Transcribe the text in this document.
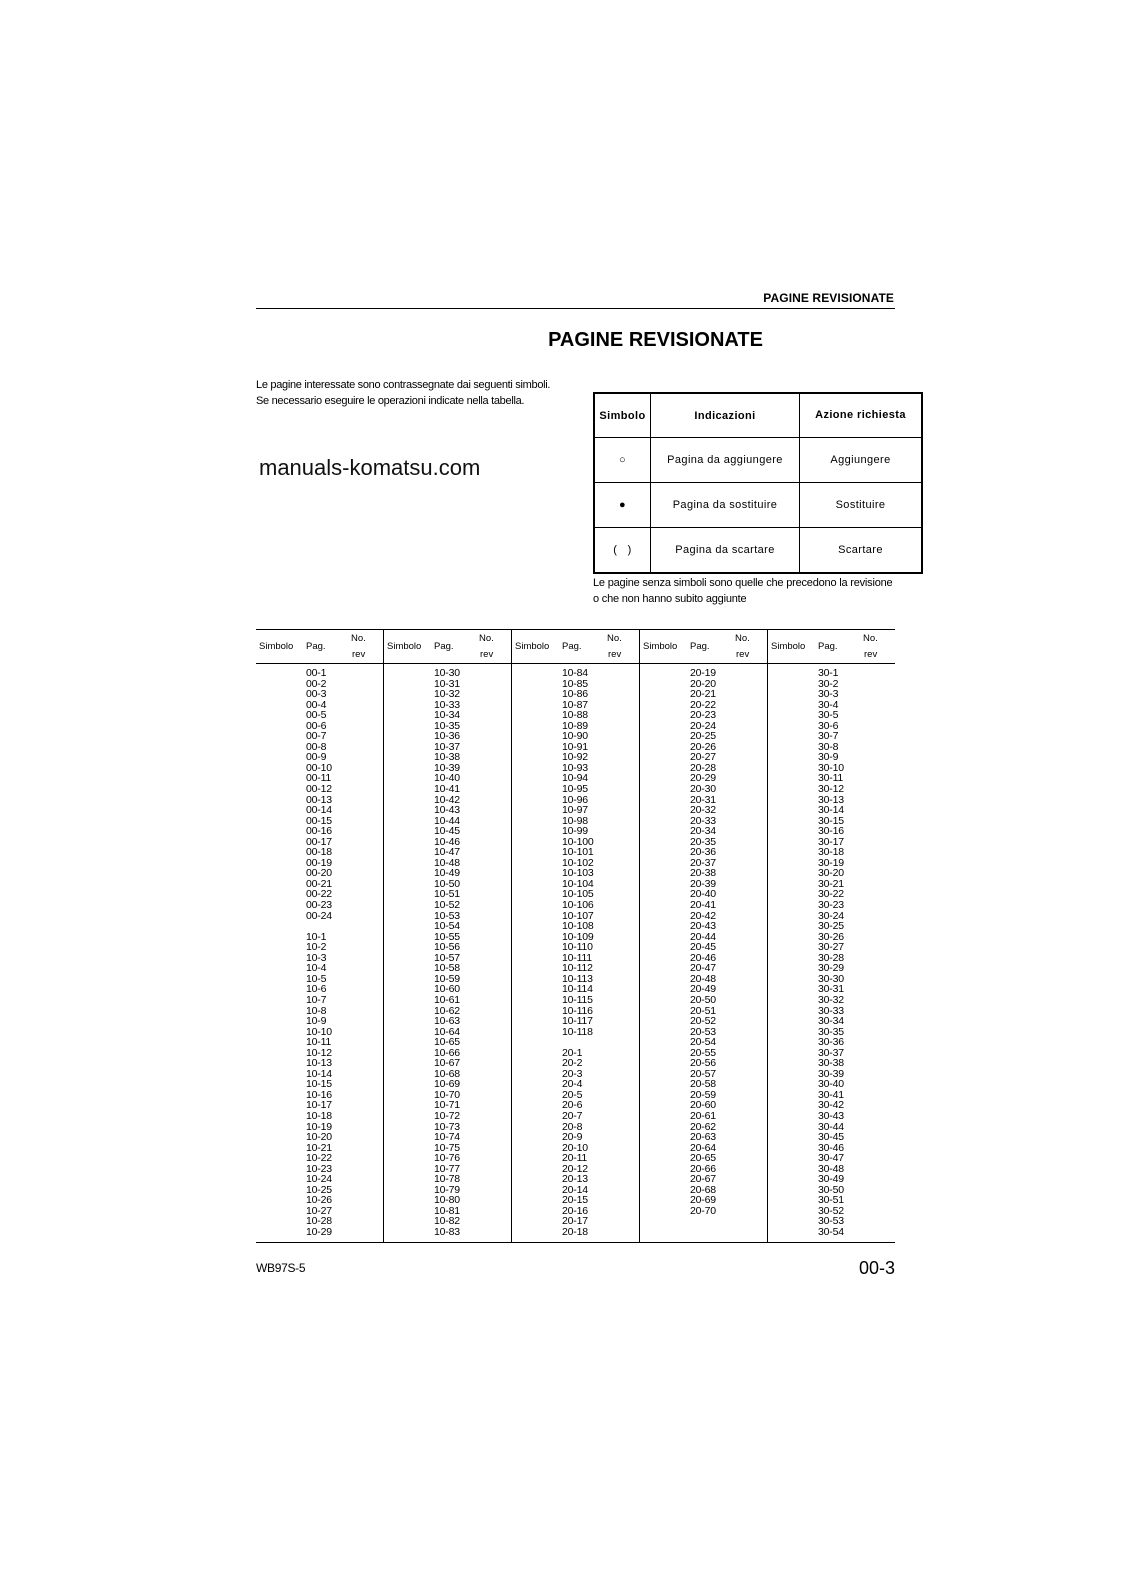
PAGINE REVISIONATE
PAGINE REVISIONATE
Le pagine interessate sono contrassegnate dai seguenti simboli. Se necessario eseguire le operazioni indicate nella tabella.
manuals-komatsu.com
Simbolo	Indicazioni	Azione richiesta
○	Pagina da aggiungere	Aggiungere
●	Pagina da sostituire	Sostituire
(   )	Pagina da scartare	Scartare
Le pagine senza simboli sono quelle che precedono la revisione o che non hanno subito aggiunte
Simbolo Pag.
No.
rev
00-1
00-2
00-3
00-4
00-5
00-6
00-7
00-8
00-9
00-10
00-11
00-12
00-13
00-14
00-15
00-16
00-17
00-18
00-19
00-20
00-21
00-22
00-23
00-24
10-1
10-2
10-3
10-4
10-5
10-6
10-7
10-8
10-9
10-10
10-11
10-12
10-13
10-14
10-15
10-16
10-17
10-18
10-19
10-20
10-21
10-22
10-23
10-24
10-25
10-26
10-27
10-28
10-29
Simbolo Pag.
No.
rev
10-30
10-31
10-32
10-33
10-34
10-35
10-36
10-37
10-38
10-39
10-40
10-41
10-42
10-43
10-44
10-45
10-46
10-47
10-48
10-49
10-50
10-51
10-52
10-53
10-54
10-55
10-56
10-57
10-58
10-59
10-60
10-61
10-62
10-63
10-64
10-65
10-66
10-67
10-68
10-69
10-70
10-71
10-72
10-73
10-74
10-75
10-76
10-77
10-78
10-79
10-80
10-81
10-82
10-83
Simbolo Pag.
No.
rev
10-84
10-85
10-86
10-87
10-88
10-89
10-90
10-91
10-92
10-93
10-94
10-95
10-96
10-97
10-98
10-99
10-100
10-101
10-102
10-103
10-104
10-105
10-106
10-107
10-108
10-109
10-110
10-111
10-112
10-113
10-114
10-115
10-116
10-117
10-118
20-1
20-2
20-3
20-4
20-5
20-6
20-7
20-8
20-9
20-10
20-11
20-12
20-13
20-14
20-15
20-16
20-17
20-18
Simbolo Pag.
No.
rev
20-19
20-20
20-21
20-22
20-23
20-24
20-25
20-26
20-27
20-28
20-29
20-30
20-31
20-32
20-33
20-34
20-35
20-36
20-37
20-38
20-39
20-40
20-41
20-42
20-43
20-44
20-45
20-46
20-47
20-48
20-49
20-50
20-51
20-52
20-53
20-54
20-55
20-56
20-57
20-58
20-59
20-60
20-61
20-62
20-63
20-64
20-65
20-66
20-67
20-68
20-69
20-70
Simbolo Pag.
No.
rev
30-1
30-2
30-3
30-4
30-5
30-6
30-7
30-8
30-9
30-10
30-11
30-12
30-13
30-14
30-15
30-16
30-17
30-18
30-19
30-20
30-21
30-22
30-23
30-24
30-25
30-26
30-27
30-28
30-29
30-30
30-31
30-32
30-33
30-34
30-35
30-36
30-37
30-38
30-39
30-40
30-41
30-42
30-43
30-44
30-45
30-46
30-47
30-48
30-49
30-50
30-51
30-52
30-53
30-54
WB97S-5	00-3
